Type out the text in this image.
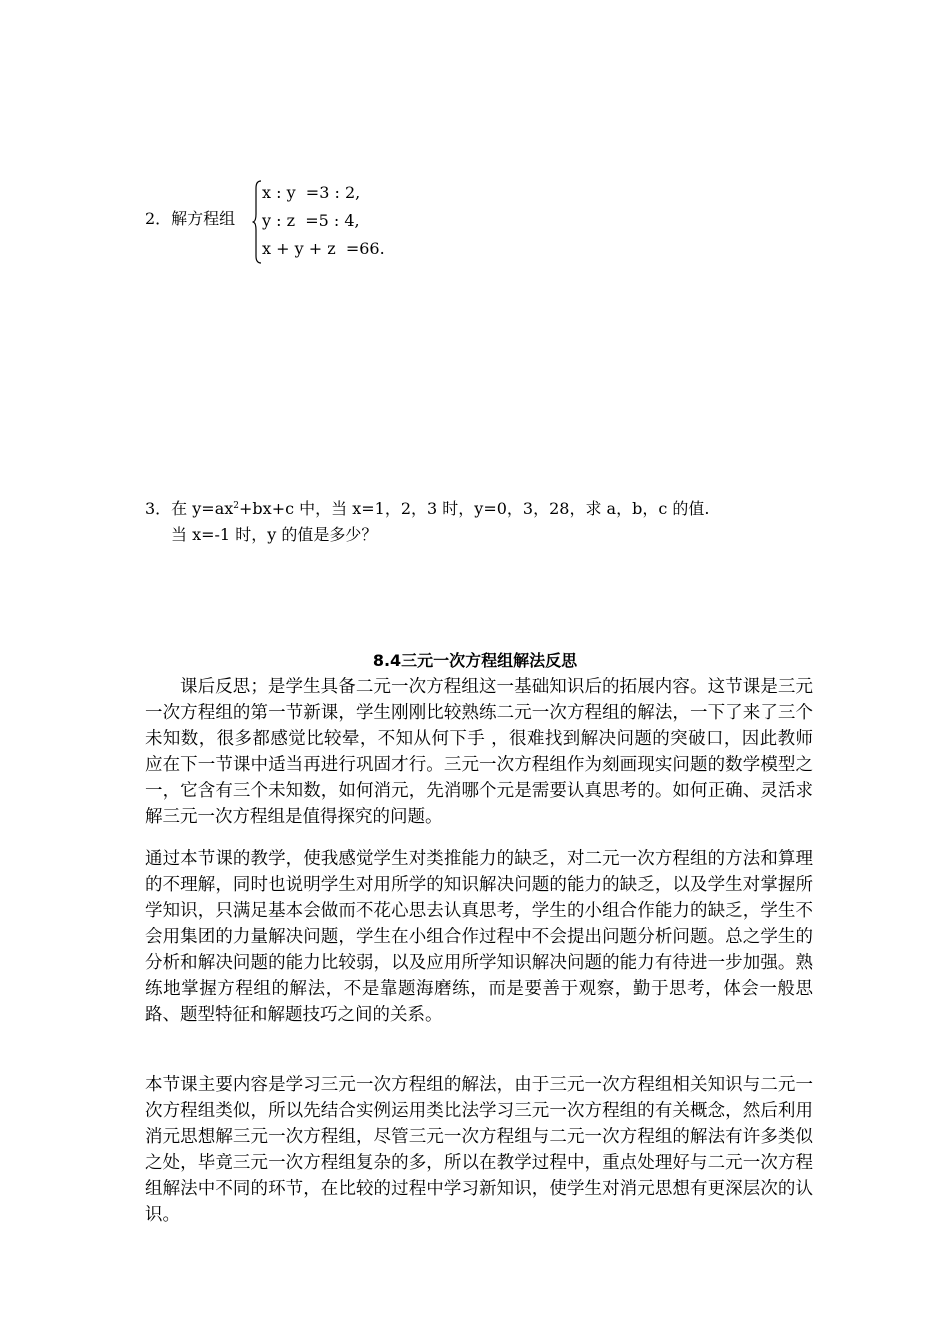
2．解方程组
x : y  =3 : 2,
y : z  =5 : 4,
x + y + z  =66.
3．在 $y=ax^2+bx+c$ 中，当 x=1，2，3 时，y=0，3，28，求 a，b，c 的值.
当 x=-1 时，y 的值是多少？
8.4三元一次方程组解法反思

课后反思；是学生具备二元一次方程组这一基础知识后的拓展内容。这节课是三元一次方程组的第一节新课，学生刚刚比较熟练二元一次方程组的解法，一下了来了三个未知数，很多都感觉比较晕，不知从何下手 ，很难找到解决问题的突破口，因此教师应在下一节课中适当再进行巩固才行。三元一次方程组作为刻画现实问题的数学模型之一，它含有三个未知数，如何消元，先消哪个元是需要认真思考的。如何正确、灵活求解三元一次方程组是值得探究的问题。

通过本节课的教学，使我感觉学生对类推能力的缺乏，对二元一次方程组的方法和算理的不理解，同时也说明学生对用所学的知识解决问题的能力的缺乏，以及学生对掌握所学知识，只满足基本会做而不花心思去认真思考，学生的小组合作能力的缺乏，学生不会用集团的力量解决问题，学生在小组合作过程中不会提出问题分析问题。总之学生的分析和解决问题的能力比较弱，以及应用所学知识解决问题的能力有待进一步加强。熟练地掌握方程组的解法，不是靠题海磨练，而是要善于观察，勤于思考，体会一般思路、题型特征和解题技巧之间的关系。

本节课主要内容是学习三元一次方程组的解法，由于三元一次方程组相关知识与二元一次方程组类似，所以先结合实例运用类比法学习三元一次方程组的有关概念，然后利用消元思想解三元一次方程组，尽管三元一次方程组与二元一次方程组的解法有许多类似之处，毕竟三元一次方程组复杂的多，所以在教学过程中，重点处理好与二元一次方程组解法中不同的环节，在比较的过程中学习新知识，使学生对消元思想有更深层次的认识。
